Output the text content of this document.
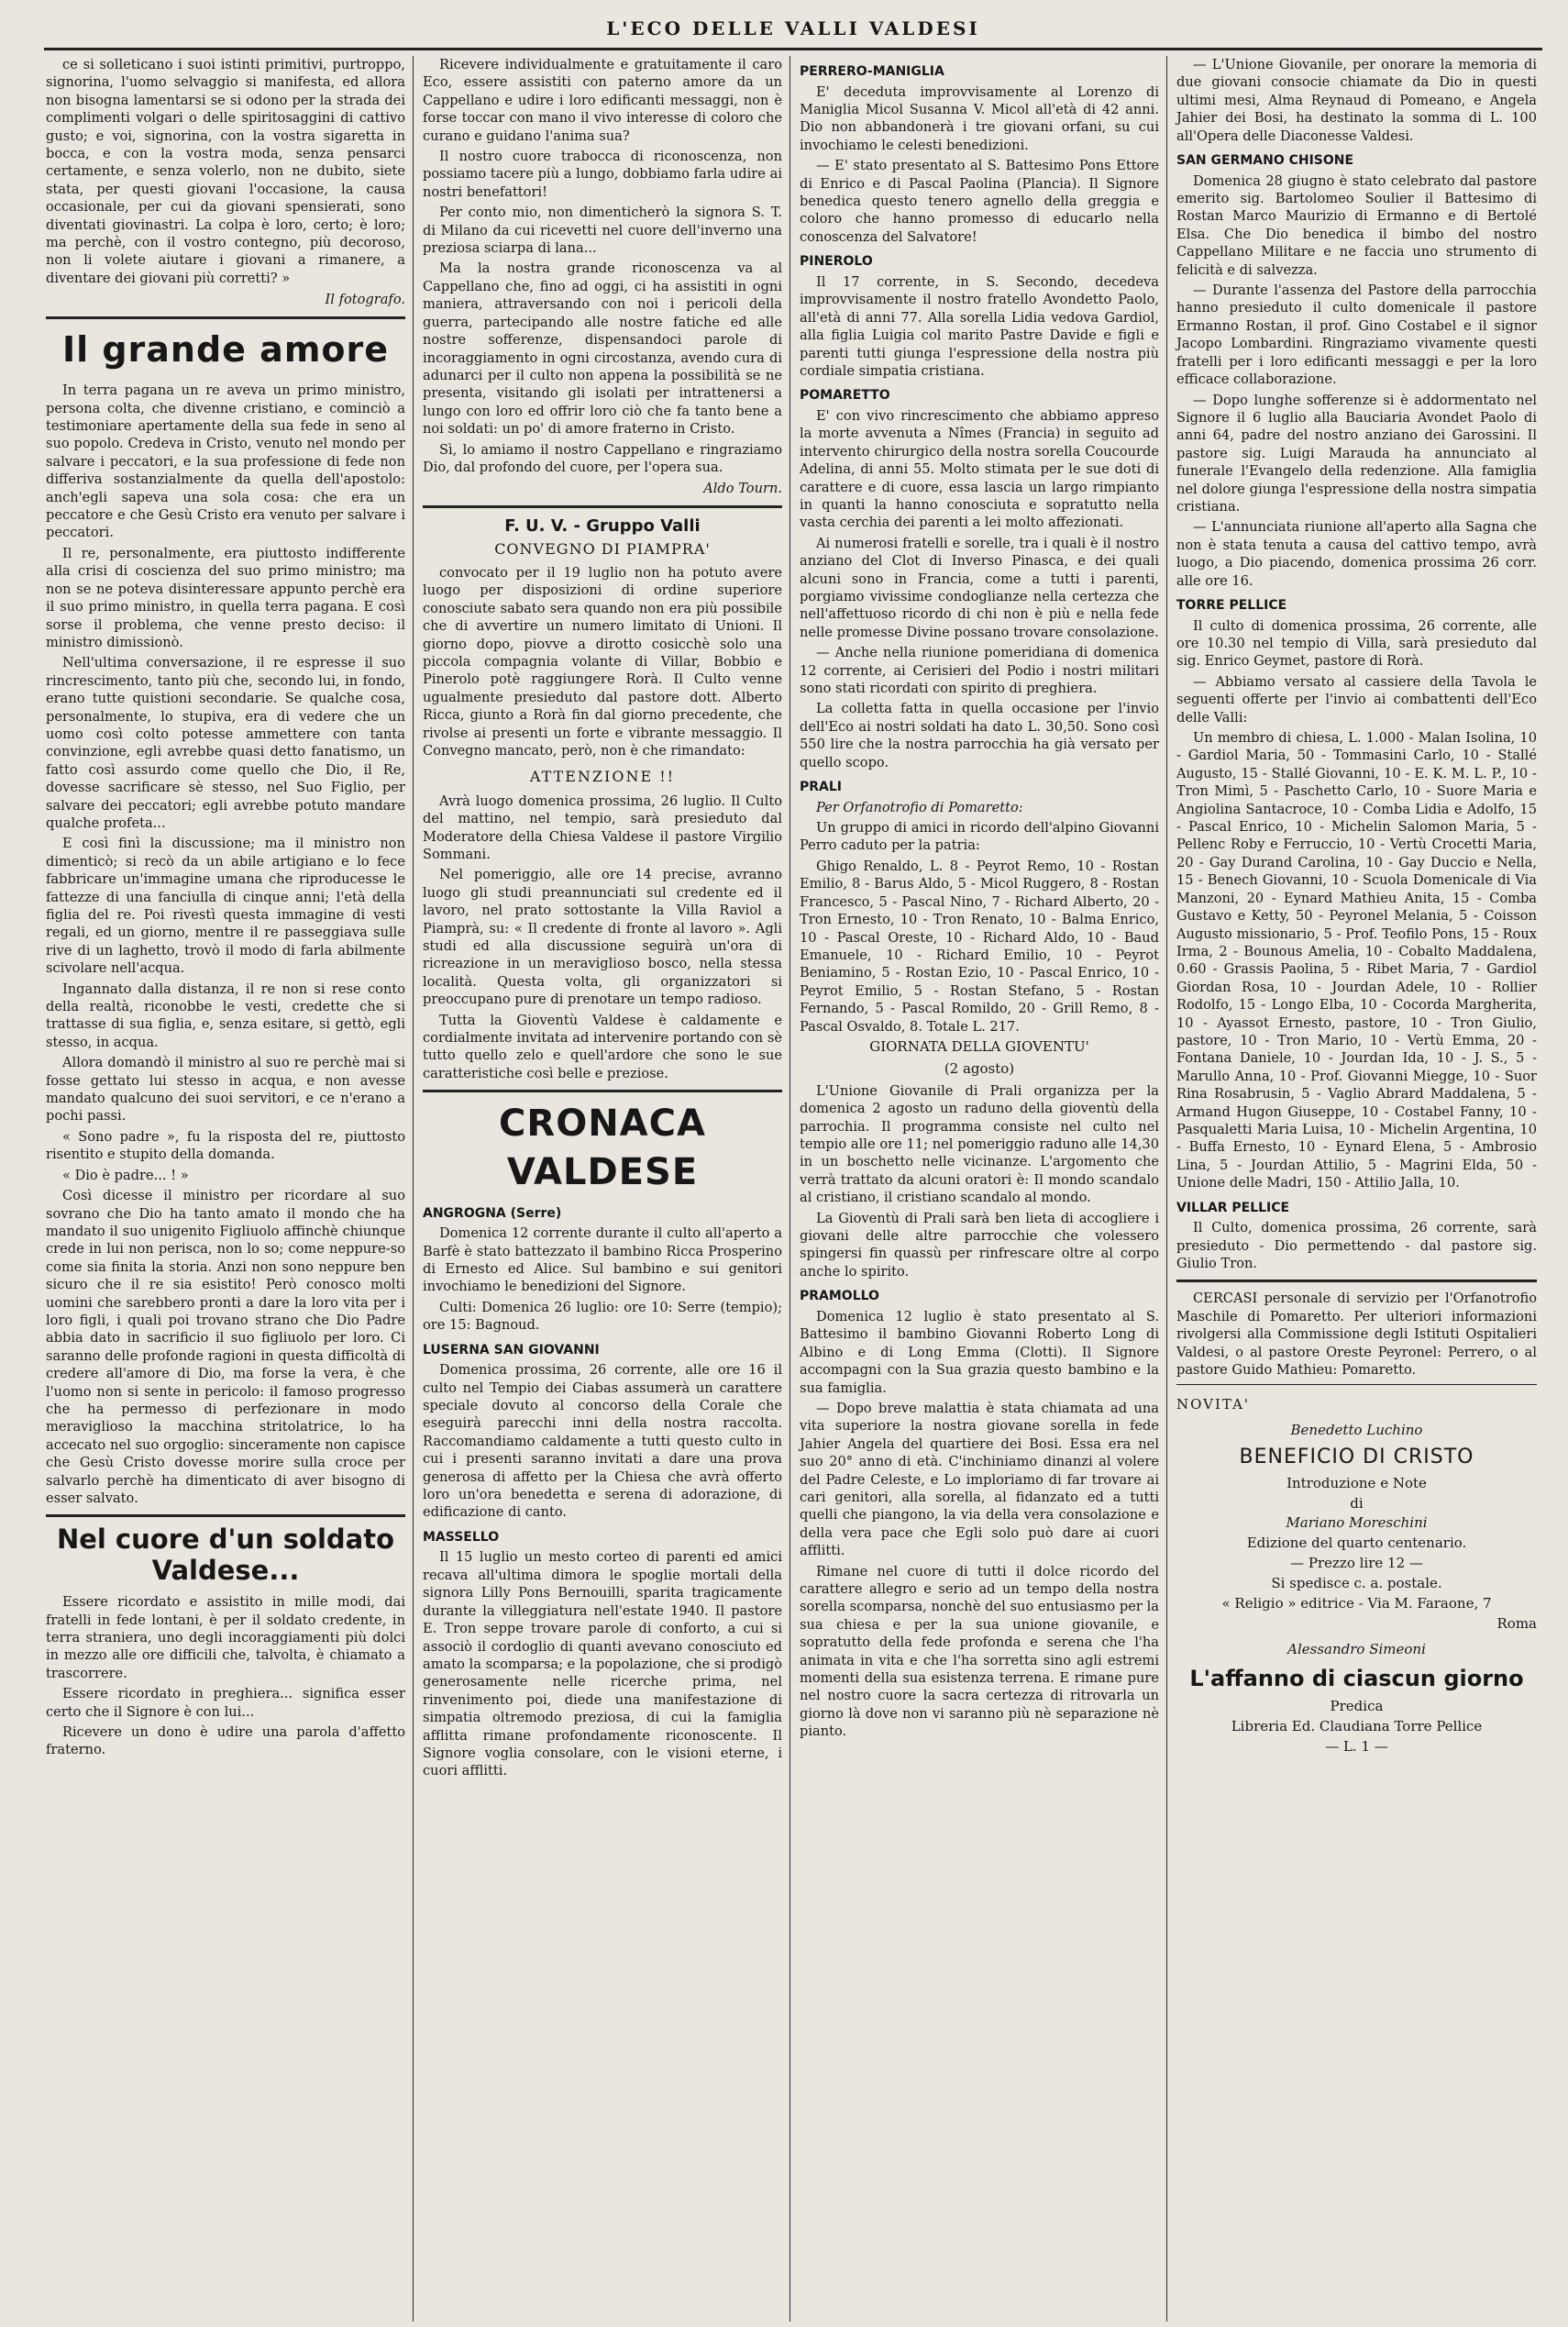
L'ECO DELLE VALLI VALDESI

ce si solleticano i suoi istinti primitivi, purtroppo, signorina, l'uomo selvaggio si manifesta, ed allora non bisogna lamentarsi se si odono per la strada dei complimenti volgari o delle spiritosaggini di cattivo gusto; e voi, signorina, con la vostra sigaretta in bocca, e con la vostra moda, senza pensarci certamente, e senza volerlo, non ne dubito, siete stata, per questi giovani l'occasione, la causa occasionale, per cui da giovani spensierati, sono diventati giovinastri. La colpa è loro, certo; è loro; ma perchè, con il vostro contegno, più decoroso, non li volete aiutare i giovani a rimanere, a diventare dei giovani più corretti? »

Il fotografo.

Il grande amore

In terra pagana un re aveva un primo ministro, persona colta, che divenne cristiano, e cominciò a testimoniare apertamente della sua fede in seno al suo popolo. Credeva in Cristo, venuto nel mondo per salvare i peccatori, e la sua professione di fede non differiva sostanzialmente da quella dell'apostolo: anch'egli sapeva una sola cosa: che era un peccatore e che Gesù Cristo era venuto per salvare i peccatori.

Il re, personalmente, era piuttosto indifferente alla crisi di coscienza del suo primo ministro; ma non se ne poteva disinteressare appunto perchè era il suo primo ministro, in quella terra pagana. E così sorse il problema, che venne presto deciso: il ministro dimissionò.

Nell'ultima conversazione, il re espresse il suo rincrescimento, tanto più che, secondo lui, in fondo, erano tutte quistioni secondarie. Se qualche cosa, personalmente, lo stupiva, era di vedere che un uomo così colto potesse ammettere con tanta convinzione, egli avrebbe quasi detto fanatismo, un fatto così assurdo come quello che Dio, il Re, dovesse sacrificare sè stesso, nel Suo Figlio, per salvare dei peccatori; egli avrebbe potuto mandare qualche profeta...

E così finì la discussione; ma il ministro non dimenticò; si recò da un abile artigiano e lo fece fabbricare un'immagine umana che riproducesse le fattezze di una fanciulla di cinque anni; l'età della figlia del re. Poi rivestì questa immagine di vesti regali, ed un giorno, mentre il re passeggiava sulle rive di un laghetto, trovò il modo di farla abilmente scivolare nell'acqua.

Ingannato dalla distanza, il re non si rese conto della realtà, riconobbe le vesti, credette che si trattasse di sua figlia, e, senza esitare, si gettò, egli stesso, in acqua.

Allora domandò il ministro al suo re perchè mai si fosse gettato lui stesso in acqua, e non avesse mandato qualcuno dei suoi servitori, e ce n'erano a pochi passi.

« Sono padre », fu la risposta del re, piuttosto risentito e stupito della domanda.

« Dio è padre... ! »

Così dicesse il ministro per ricordare al suo sovrano che Dio ha tanto amato il mondo che ha mandato il suo unigenito Figliuolo affinchè chiunque crede in lui non perisca, non lo so; come neppure-so come sia finita la storia. Anzi non sono neppure ben sicuro che il re sia esistito! Però conosco molti uomini che sarebbero pronti a dare la loro vita per i loro figli, i quali poi trovano strano che Dio Padre abbia dato in sacrificio il suo figliuolo per loro. Ci saranno delle profonde ragioni in questa difficoltà di credere all'amore di Dio, ma forse la vera, è che l'uomo non si sente in pericolo: il famoso progresso che ha permesso di perfezionare in modo meraviglioso la macchina stritolatrice, lo ha accecato nel suo orgoglio: sinceramente non capisce che Gesù Cristo dovesse morire sulla croce per salvarlo perchè ha dimenticato di aver bisogno di esser salvato.

Nel cuore d'un soldato Valdese...

Essere ricordato e assistito in mille modi, dai fratelli in fede lontani, è per il soldato credente, in terra straniera, uno degli incoraggiamenti più dolci in mezzo alle ore difficili che, talvolta, è chiamato a trascorrere.

Essere ricordato in preghiera... significa esser certo che il Signore è con lui...

Ricevere un dono è udire una parola d'affetto fraterno.

Ricevere individualmente e gratuitamente il caro Eco, essere assistiti con paterno amore da un Cappellano e udire i loro edificanti messaggi, non è forse toccar con mano il vivo interesse di coloro che curano e guidano l'anima sua?

Il nostro cuore trabocca di riconoscenza, non possiamo tacere più a lungo, dobbiamo farla udire ai nostri benefattori!

Per conto mio, non dimenticherò la signora S. T. di Milano da cui ricevetti nel cuore dell'inverno una preziosa sciarpa di lana...

Ma la nostra grande riconoscenza va al Cappellano che, fino ad oggi, ci ha assistiti in ogni maniera, attraversando con noi i pericoli della guerra, partecipando alle nostre fatiche ed alle nostre sofferenze, dispensandoci parole di incoraggiamento in ogni circostanza, avendo cura di adunarci per il culto non appena la possibilità se ne presenta, visitando gli isolati per intrattenersi a lungo con loro ed offrir loro ciò che fa tanto bene a noi soldati: un po' di amore fraterno in Cristo.

Sì, lo amiamo il nostro Cappellano e ringraziamo Dio, dal profondo del cuore, per l'opera sua.

Aldo Tourn.

F. U. V. - Gruppo Valli
CONVEGNO DI PIAMPRA'

convocato per il 19 luglio non ha potuto avere luogo per disposizioni di ordine superiore conosciute sabato sera quando non era più possibile che di avvertire un numero limitato di Unioni. Il giorno dopo, piovve a dirotto cosicchè solo una piccola compagnia volante di Villar, Bobbio e Pinerolo potè raggiungere Rorà. Il Culto venne ugualmente presieduto dal pastore dott. Alberto Ricca, giunto a Rorà fin dal giorno precedente, che rivolse ai presenti un forte e vibrante messaggio. Il Convegno mancato, però, non è che rimandato:

ATTENZIONE !!

Avrà luogo domenica prossima, 26 luglio. Il Culto del mattino, nel tempio, sarà presieduto dal Moderatore della Chiesa Valdese il pastore Virgilio Sommani.

Nel pomeriggio, alle ore 14 precise, avranno luogo gli studi preannunciati sul credente ed il lavoro, nel prato sottostante la Villa Raviol a Piamprà, su: « Il credente di fronte al lavoro ». Agli studi ed alla discussione seguirà un'ora di ricreazione in un meraviglioso bosco, nella stessa località. Questa volta, gli organizzatori si preoccupano pure di prenotare un tempo radioso.

Tutta la Gioventù Valdese è caldamente e cordialmente invitata ad intervenire portando con sè tutto quello zelo e quell'ardore che sono le sue caratteristiche così belle e preziose.

CRONACA VALDESE
ANGROGNA (Serre)

Domenica 12 corrente durante il culto all'aperto a Barfè è stato battezzato il bambino Ricca Prosperino di Ernesto ed Alice. Sul bambino e sui genitori invochiamo le benedizioni del Signore.

Culti: Domenica 26 luglio: ore 10: Serre (tempio); ore 15: Bagnoud.

LUSERNA SAN GIOVANNI

Domenica prossima, 26 corrente, alle ore 16 il culto nel Tempio dei Ciabas assumerà un carattere speciale dovuto al concorso della Corale che eseguirà parecchi inni della nostra raccolta. Raccomandiamo caldamente a tutti questo culto in cui i presenti saranno invitati a dare una prova generosa di affetto per la Chiesa che avrà offerto loro un'ora benedetta e serena di adorazione, di edificazione di canto.

MASSELLO

Il 15 luglio un mesto corteo di parenti ed amici recava all'ultima dimora le spoglie mortali della signora Lilly Pons Bernouilli, sparita tragicamente durante la villeggiatura nell'estate 1940. Il pastore E. Tron seppe trovare parole di conforto, a cui si associò il cordoglio di quanti avevano conosciuto ed amato la scomparsa; e la popolazione, che si prodigò generosamente nelle ricerche prima, nel rinvenimento poi, diede una manifestazione di simpatia oltremodo preziosa, di cui la famiglia afflitta rimane profondamente riconoscente. Il Signore voglia consolare, con le visioni eterne, i cuori afflitti.

PERRERO-MANIGLIA

E' deceduta improvvisamente al Lorenzo di Maniglia Micol Susanna V. Micol all'età di 42 anni. Dio non abbandonerà i tre giovani orfani, su cui invochiamo le celesti benedizioni.

— E' stato presentato al S. Battesimo Pons Ettore di Enrico e di Pascal Paolina (Plancia). Il Signore benedica questo tenero agnello della greggia e coloro che hanno promesso di educarlo nella conoscenza del Salvatore!

PINEROLO

Il 17 corrente, in S. Secondo, decedeva improvvisamente il nostro fratello Avondetto Paolo, all'età di anni 77. Alla sorella Lidia vedova Gardiol, alla figlia Luigia col marito Pastre Davide e figli e parenti tutti giunga l'espressione della nostra più cordiale simpatia cristiana.

POMARETTO

E' con vivo rincrescimento che abbiamo appreso la morte avvenuta a Nîmes (Francia) in seguito ad intervento chirurgico della nostra sorella Coucourde Adelina, di anni 55. Molto stimata per le sue doti di carattere e di cuore, essa lascia un largo rimpianto in quanti la hanno conosciuta e sopratutto nella vasta cerchia dei parenti a lei molto affezionati.

Ai numerosi fratelli e sorelle, tra i quali è il nostro anziano del Clot di Inverso Pinasca, e dei quali alcuni sono in Francia, come a tutti i parenti, porgiamo vivissime condoglianze nella certezza che nell'affettuoso ricordo di chi non è più e nella fede nelle promesse Divine possano trovare consolazione.

— Anche nella riunione pomeridiana di domenica 12 corrente, ai Cerisieri del Podio i nostri militari sono stati ricordati con spirito di preghiera.

La colletta fatta in quella occasione per l'invio dell'Eco ai nostri soldati ha dato L. 30,50. Sono così 550 lire che la nostra parrocchia ha già versato per quello scopo.

PRALI

Per Orfanotrofio di Pomaretto:

Un gruppo di amici in ricordo dell'alpino Giovanni Perro caduto per la patria:

Ghigo Renaldo, L. 8 - Peyrot Remo, 10 - Rostan Emilio, 8 - Barus Aldo, 5 - Micol Ruggero, 8 - Rostan Francesco, 5 - Pascal Nino, 7 - Richard Alberto, 20 - Tron Ernesto, 10 - Tron Renato, 10 - Balma Enrico, 10 - Pascal Oreste, 10 - Richard Aldo, 10 - Baud Emanuele, 10 - Richard Emilio, 10 - Peyrot Beniamino, 5 - Rostan Ezio, 10 - Pascal Enrico, 10 - Peyrot Emilio, 5 - Rostan Stefano, 5 - Rostan Fernando, 5 - Pascal Romildo, 20 - Grill Remo, 8 - Pascal Osvaldo, 8. Totale L. 217.

GIORNATA DELLA GIOVENTU'
(2 agosto)

L'Unione Giovanile di Prali organizza per la domenica 2 agosto un raduno della gioventù della parrochia. Il programma consiste nel culto nel tempio alle ore 11; nel pomeriggio raduno alle 14,30 in un boschetto nelle vicinanze. L'argomento che verrà trattato da alcuni oratori è: Il mondo scandalo al cristiano, il cristiano scandalo al mondo.

La Gioventù di Prali sarà ben lieta di accogliere i giovani delle altre parrocchie che volessero spingersi fin quassù per rinfrescare oltre al corpo anche lo spirito.

PRAMOLLO

Domenica 12 luglio è stato presentato al S. Battesimo il bambino Giovanni Roberto Long di Albino e di Long Emma (Clotti). Il Signore accompagni con la Sua grazia questo bambino e la sua famiglia.

— Dopo breve malattia è stata chiamata ad una vita superiore la nostra giovane sorella in fede Jahier Angela del quartiere dei Bosi. Essa era nel suo 20° anno di età. C'inchiniamo dinanzi al volere del Padre Celeste, e Lo imploriamo di far trovare ai cari genitori, alla sorella, al fidanzato ed a tutti quelli che piangono, la via della vera consolazione e della vera pace che Egli solo può dare ai cuori afflitti.

Rimane nel cuore di tutti il dolce ricordo del carattere allegro e serio ad un tempo della nostra sorella scomparsa, nonchè del suo entusiasmo per la sua chiesa e per la sua unione giovanile, e sopratutto della fede profonda e serena che l'ha animata in vita e che l'ha sorretta sino agli estremi momenti della sua esistenza terrena. E rimane pure nel nostro cuore la sacra certezza di ritrovarla un giorno là dove non vi saranno più nè separazione nè pianto.

— L'Unione Giovanile, per onorare la memoria di due giovani consocie chiamate da Dio in questi ultimi mesi, Alma Reynaud di Pomeano, e Angela Jahier dei Bosi, ha destinato la somma di L. 100 all'Opera delle Diaconesse Valdesi.

SAN GERMANO CHISONE

Domenica 28 giugno è stato celebrato dal pastore emerito sig. Bartolomeo Soulier il Battesimo di Rostan Marco Maurizio di Ermanno e di Bertolé Elsa. Che Dio benedica il bimbo del nostro Cappellano Militare e ne faccia uno strumento di felicità e di salvezza.

— Durante l'assenza del Pastore della parrocchia hanno presieduto il culto domenicale il pastore Ermanno Rostan, il prof. Gino Costabel e il signor Jacopo Lombardini. Ringraziamo vivamente questi fratelli per i loro edificanti messaggi e per la loro efficace collaborazione.

— Dopo lunghe sofferenze si è addormentato nel Signore il 6 luglio alla Bauciaria Avondet Paolo di anni 64, padre del nostro anziano dei Garossini. Il pastore sig. Luigi Marauda ha annunciato al funerale l'Evangelo della redenzione. Alla famiglia nel dolore giunga l'espressione della nostra simpatia cristiana.

— L'annunciata riunione all'aperto alla Sagna che non è stata tenuta a causa del cattivo tempo, avrà luogo, a Dio piacendo, domenica prossima 26 corr. alle ore 16.

TORRE PELLICE

Il culto di domenica prossima, 26 corrente, alle ore 10.30 nel tempio di Villa, sarà presieduto dal sig. Enrico Geymet, pastore di Rorà.

— Abbiamo versato al cassiere della Tavola le seguenti offerte per l'invio ai combattenti dell'Eco delle Valli:

Un membro di chiesa, L. 1.000 - Malan Isolina, 10 - Gardiol Maria, 50 - Tommasini Carlo, 10 - Stallé Augusto, 15 - Stallé Giovanni, 10 - E. K. M. L. P., 10 - Tron Mimì, 5 - Paschetto Carlo, 10 - Suore Maria e Angiolina Santacroce, 10 - Comba Lidia e Adolfo, 15 - Pascal Enrico, 10 - Michelin Salomon Maria, 5 - Pellenc Roby e Ferruccio, 10 - Vertù Crocetti Maria, 20 - Gay Durand Carolina, 10 - Gay Duccio e Nella, 15 - Benech Giovanni, 10 - Scuola Domenicale di Via Manzoni, 20 - Eynard Mathieu Anita, 15 - Comba Gustavo e Ketty, 50 - Peyronel Melania, 5 - Coisson Augusto missionario, 5 - Prof. Teofilo Pons, 15 - Roux Irma, 2 - Bounous Amelia, 10 - Cobalto Maddalena, 0.60 - Grassis Paolina, 5 - Ribet Maria, 7 - Gardiol Giordan Rosa, 10 - Jourdan Adele, 10 - Rollier Rodolfo, 15 - Longo Elba, 10 - Cocorda Margherita, 10 - Ayassot Ernesto, pastore, 10 - Tron Giulio, pastore, 10 - Tron Mario, 10 - Vertù Emma, 20 - Fontana Daniele, 10 - Jourdan Ida, 10 - J. S., 5 - Marullo Anna, 10 - Prof. Giovanni Miegge, 10 - Suor Rina Rosabrusin, 5 - Vaglio Abrard Maddalena, 5 - Armand Hugon Giuseppe, 10 - Costabel Fanny, 10 - Pasqualetti Maria Luisa, 10 - Michelin Argentina, 10 - Buffa Ernesto, 10 - Eynard Elena, 5 - Ambrosio Lina, 5 - Jourdan Attilio, 5 - Magrini Elda, 50 - Unione delle Madri, 150 - Attilio Jalla, 10.

VILLAR PELLICE

Il Culto, domenica prossima, 26 corrente, sarà presieduto - Dio permettendo - dal pastore sig. Giulio Tron.

CERCASI personale di servizio per l'Orfanotrofio Maschile di Pomaretto. Per ulteriori informazioni rivolgersi alla Commissione degli Istituti Ospitalieri Valdesi, o al pastore Oreste Peyronel: Perrero, o al pastore Guido Mathieu: Pomaretto.

NOVITA'
Benedetto Luchino
BENEFICIO DI CRISTO
Introduzione e Note
di
Mariano Moreschini
Edizione del quarto centenario.
— Prezzo lire 12 —
Si spedisce c. a. postale.
« Religio » editrice - Via M. Faraone, 7
Roma
Alessandro Simeoni
L'affanno di ciascun giorno
Predica
Libreria Ed. Claudiana Torre Pellice
— L. 1 —
